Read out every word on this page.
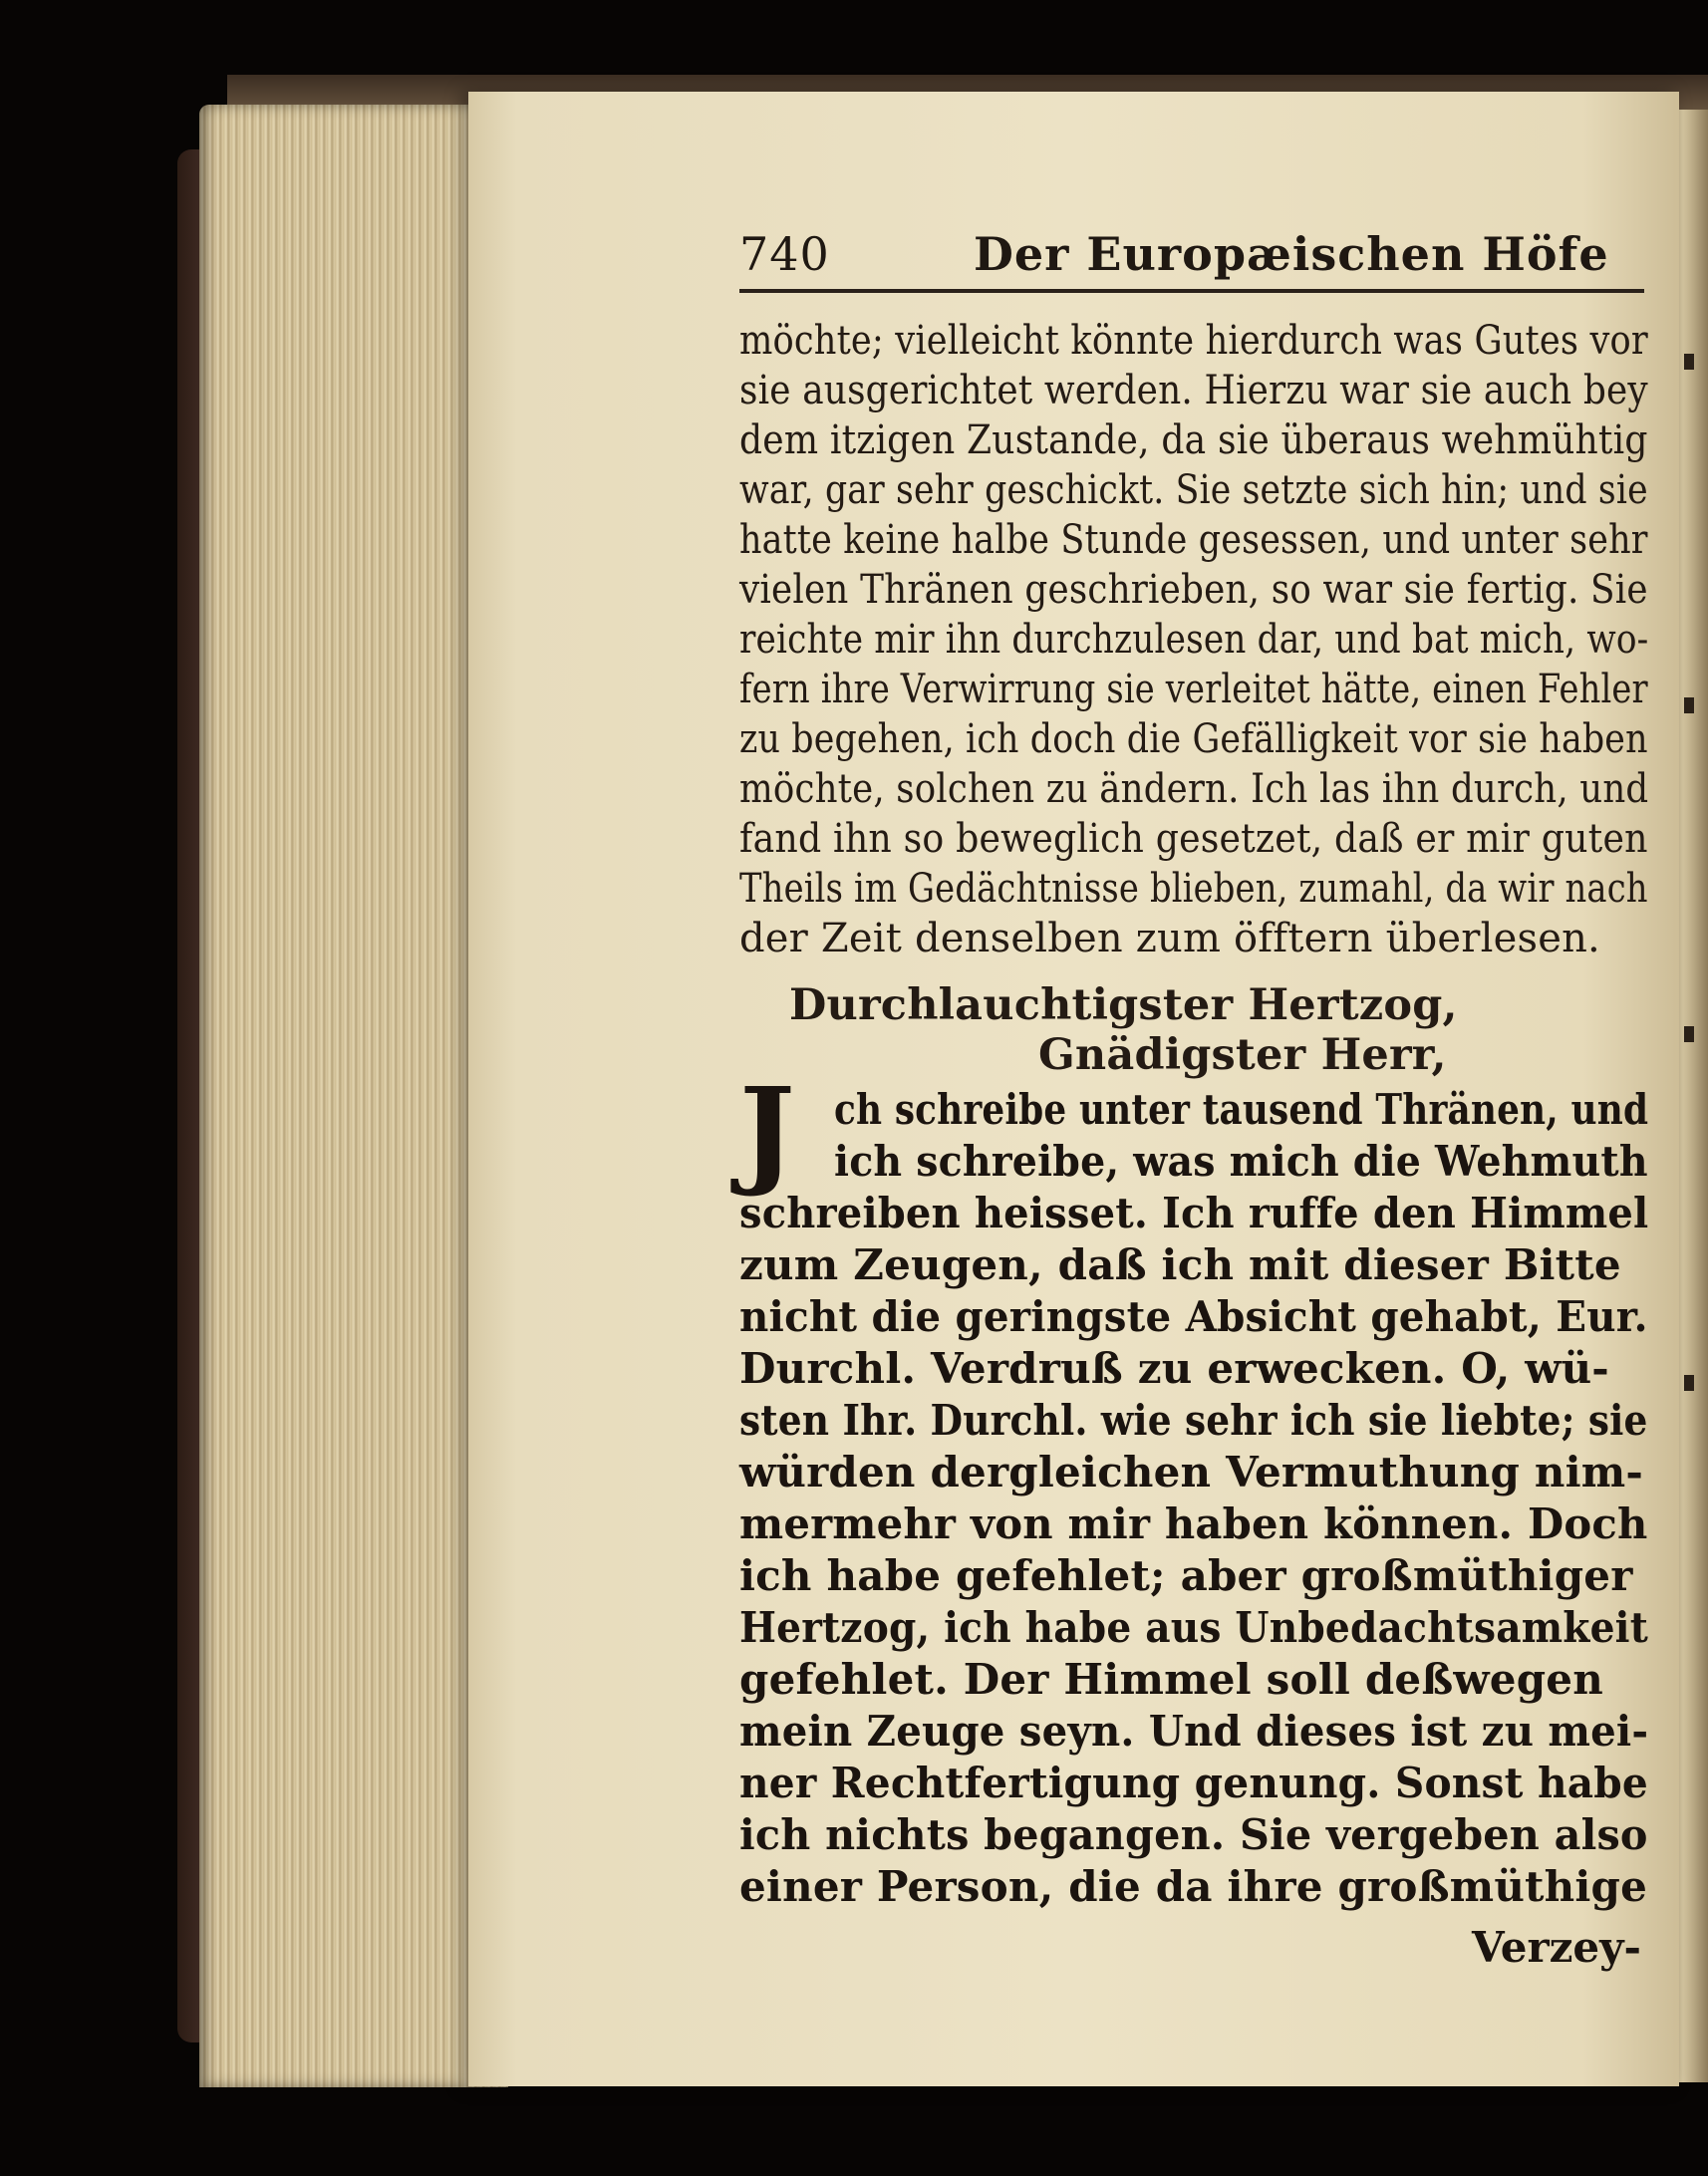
740	Der Europæischen Höfe
möchte; vielleicht könnte hierdurch was Gutes vor
sie ausgerichtet werden. Hierzu war sie auch bey
dem itzigen Zustande, da sie überaus wehmühtig
war, gar sehr geschickt. Sie setzte sich hin; und sie
hatte keine halbe Stunde gesessen, und unter sehr
vielen Thränen geschrieben, so war sie fertig. Sie
reichte mir ihn durchzulesen dar, und bat mich, wo-
fern ihre Verwirrung sie verleitet hätte, einen Fehler
zu begehen, ich doch die Gefälligkeit vor sie haben
möchte, solchen zu ändern. Ich las ihn durch, und
fand ihn so beweglich gesetzet, daß er mir guten
Theils im Gedächtnisse blieben, zumahl, da wir nach
der Zeit denselben zum öfftern überlesen.
Durchlauchtigster Hertzog,
Gnädigster Herr,
ch schreibe unter tausend Thränen, und
ich schreibe, was mich die Wehmuth
schreiben heisset. Ich ruffe den Himmel
zum Zeugen, daß ich mit dieser Bitte
nicht die geringste Absicht gehabt, Eur.
Durchl. Verdruß zu erwecken. O, wü-
sten Ihr. Durchl. wie sehr ich sie liebte; sie
würden dergleichen Vermuthung nim-
mermehr von mir haben können. Doch
ich habe gefehlet; aber großmüthiger
Hertzog, ich habe aus Unbedachtsamkeit
gefehlet. Der Himmel soll deßwegen
mein Zeuge seyn. Und dieses ist zu mei-
ner Rechtfertigung genung. Sonst habe
ich nichts begangen. Sie vergeben also
einer Person, die da ihre großmüthige
Verzey-
J
